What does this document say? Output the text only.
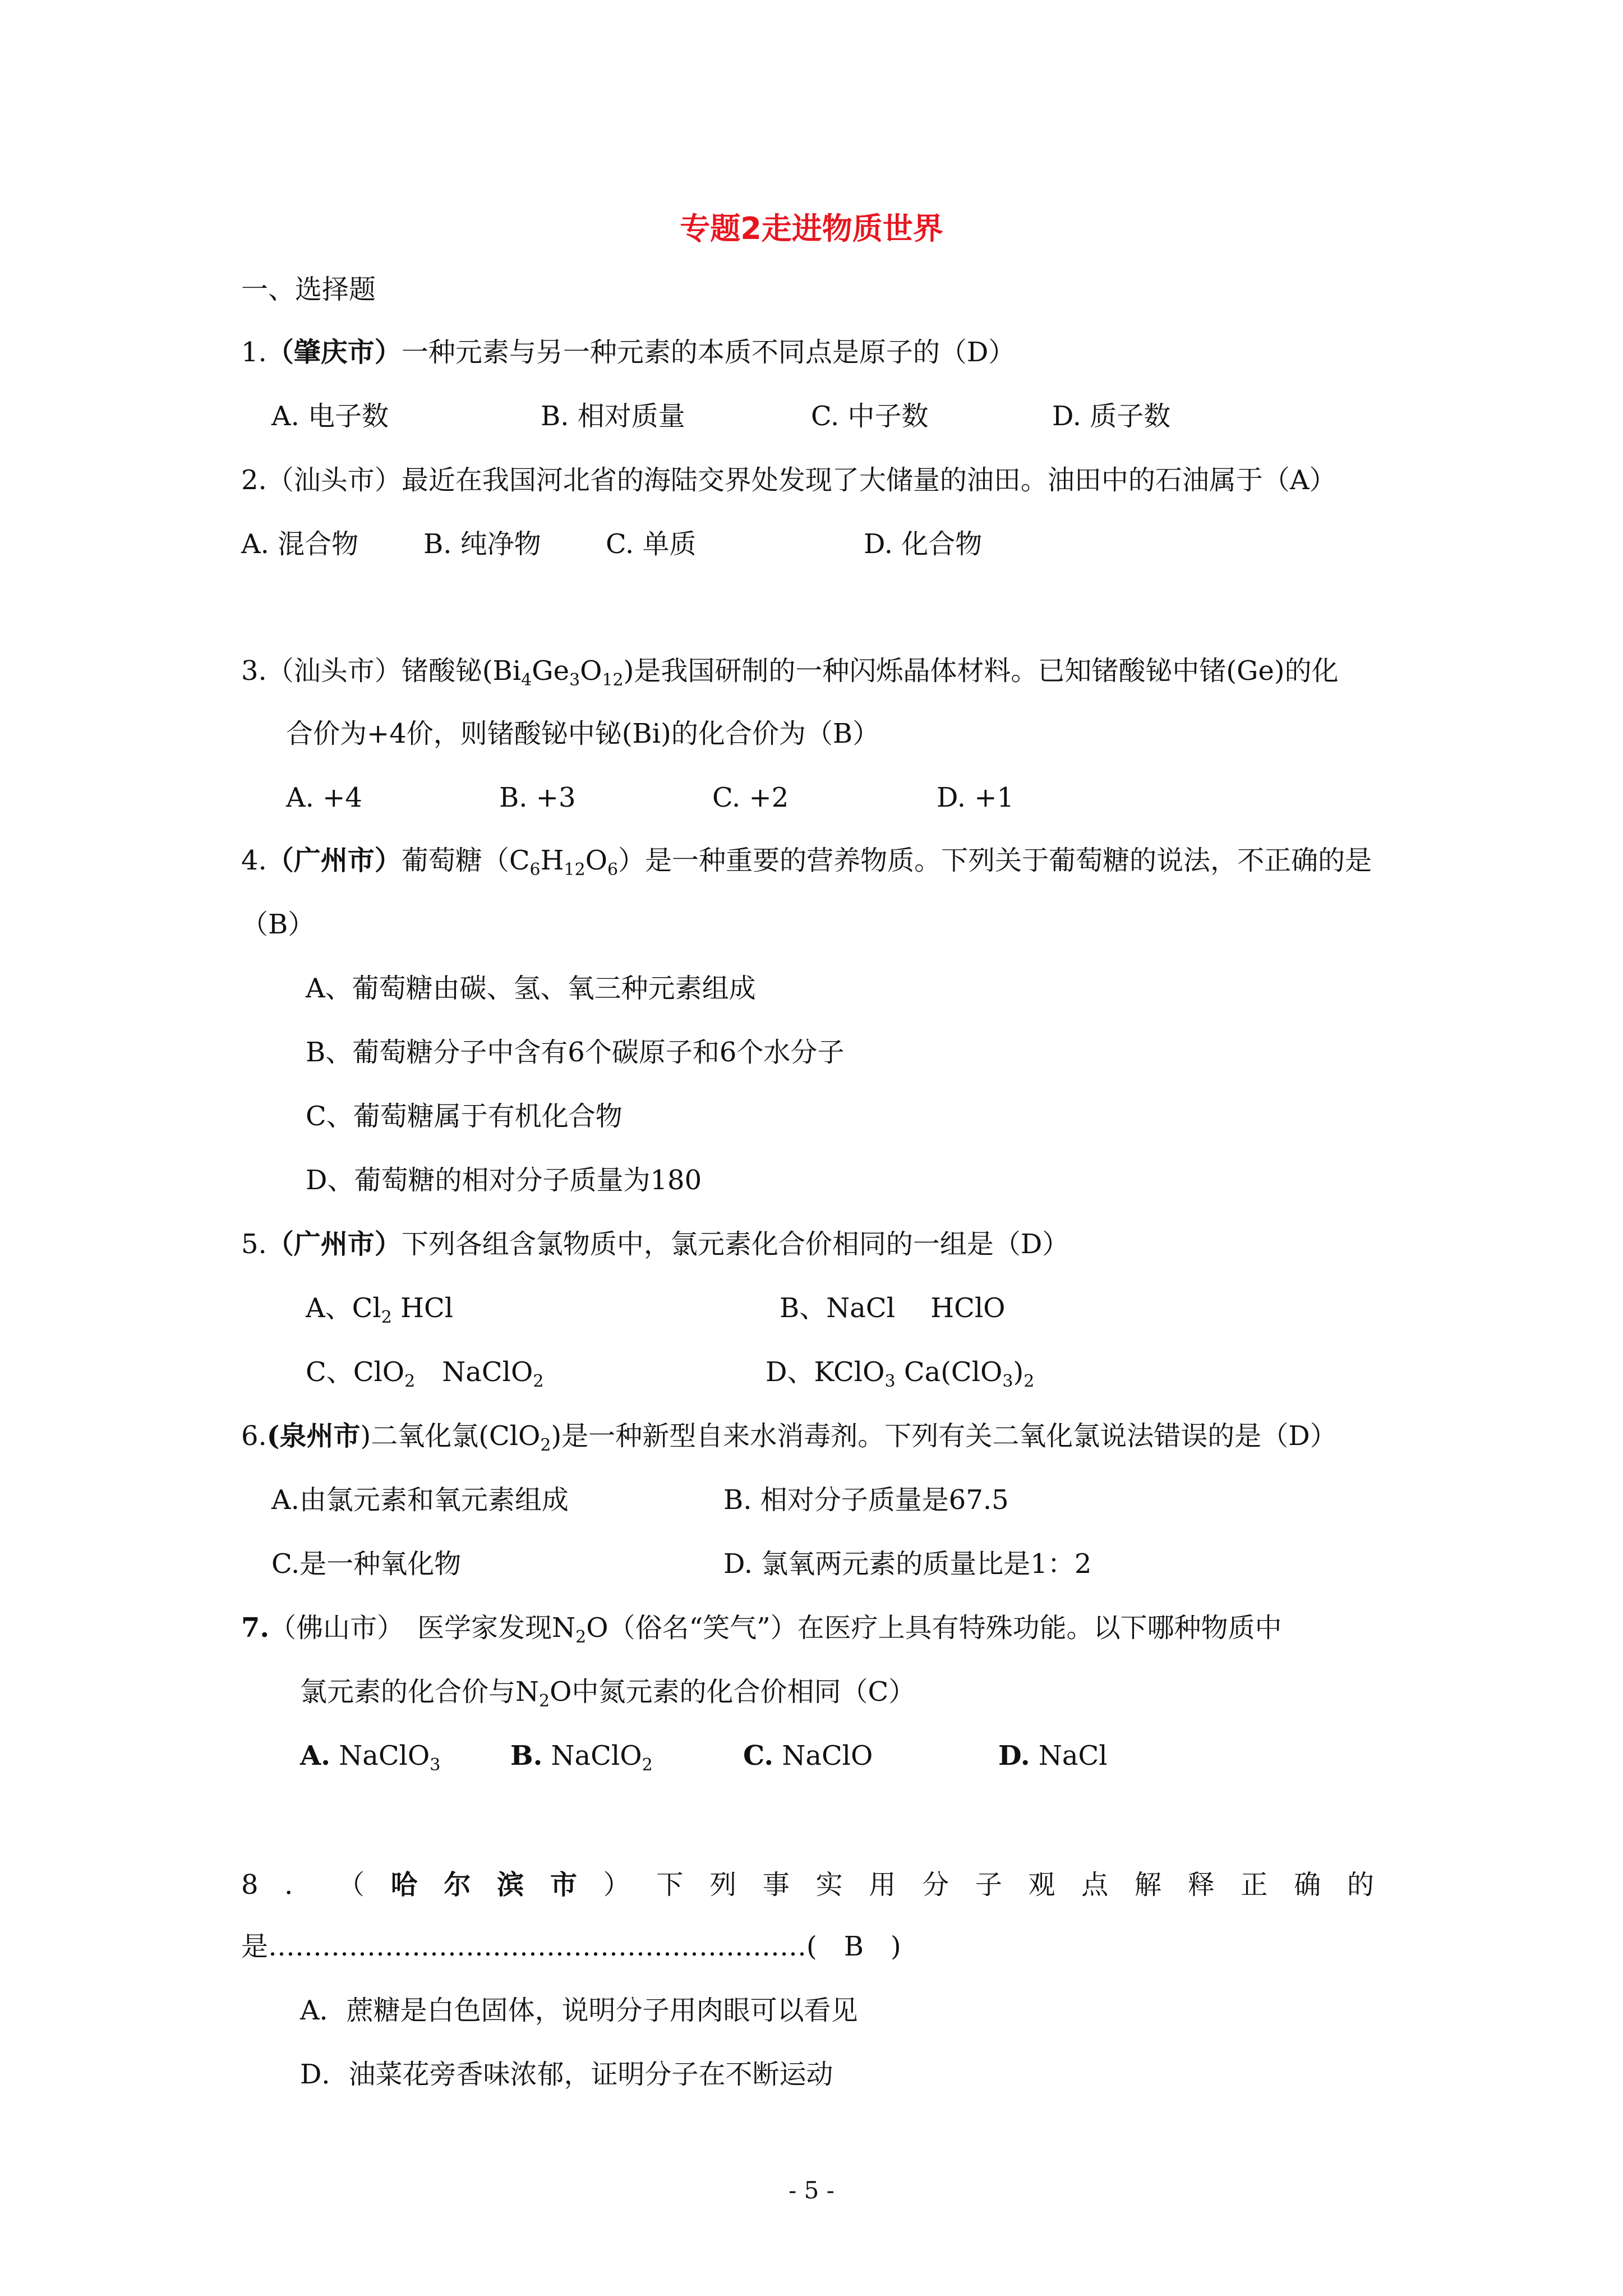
专题2走进物质世界
一、选择题
1.（肇庆市）一种元素与另一种元素的本质不同点是原子的（D）
A. 电子数	B. 相对质量	C. 中子数	D. 质子数
2.（汕头市）最近在我国河北省的海陆交界处发现了大储量的油田。油田中的石油属于（A）
A. 混合物 B. 纯净物 C. 单质	D. 化合物
3.（汕头市）锗酸铋$(Bi_4Ge_3O_{12})$是我国研制的一种闪烁晶体材料。已知锗酸铋中锗(Ge)的化
合价为+4价，则锗酸铋中铋(Bi)的化合价为（B）
A. +4	B. +3	C. +2	D. +1
4.（广州市）葡萄糖$(C_6H_{12}O_6)$是一种重要的营养物质。下列关于葡萄糖的说法，不正确的是
（B）
A、葡萄糖由碳、氢、氧三种元素组成
B、葡萄糖分子中含有6个碳原子和6个水分子
C、葡萄糖属于有机化合物
D、葡萄糖的相对分子质量为180
5.（广州市）下列各组含氯物质中，氯元素化合价相同的一组是（D）
A、$Cl_2$ HCl	B、NaCl　 HClO
C、ClO$_2$　NaClO$_2$	D、KClO$_3$ $Ca(ClO_3)_2$
6.(泉州市)二氧化氯(ClO$_2$)是一种新型自来水消毒剂。下列有关二氧化氯说法错误的是（D）
A.由氯元素和氧元素组成	B. 相对分子质量是67.5
C.是一种氧化物	D. 氯氧两元素的质量比是1：2
7.（佛山市）　医学家发现$N_2O$（俗名“笑气”）在医疗上具有特殊功能。以下哪种物质中
氯元素的化合价与$N_2O$中氮元素的化合价相同（C）
A. NaClO$_3$	B. NaClO$_2$	C. NaClO	D. NaCl
8 ． （ 哈 尔 滨 市 ） 下 列 事 实 用 分 子 观 点 解 释 正 确 的
是……………………………………………………(　B　)
A．蔗糖是白色固体，说明分子用肉眼可以看见
D．油菜花旁香味浓郁，证明分子在不断运动
- 5 -
